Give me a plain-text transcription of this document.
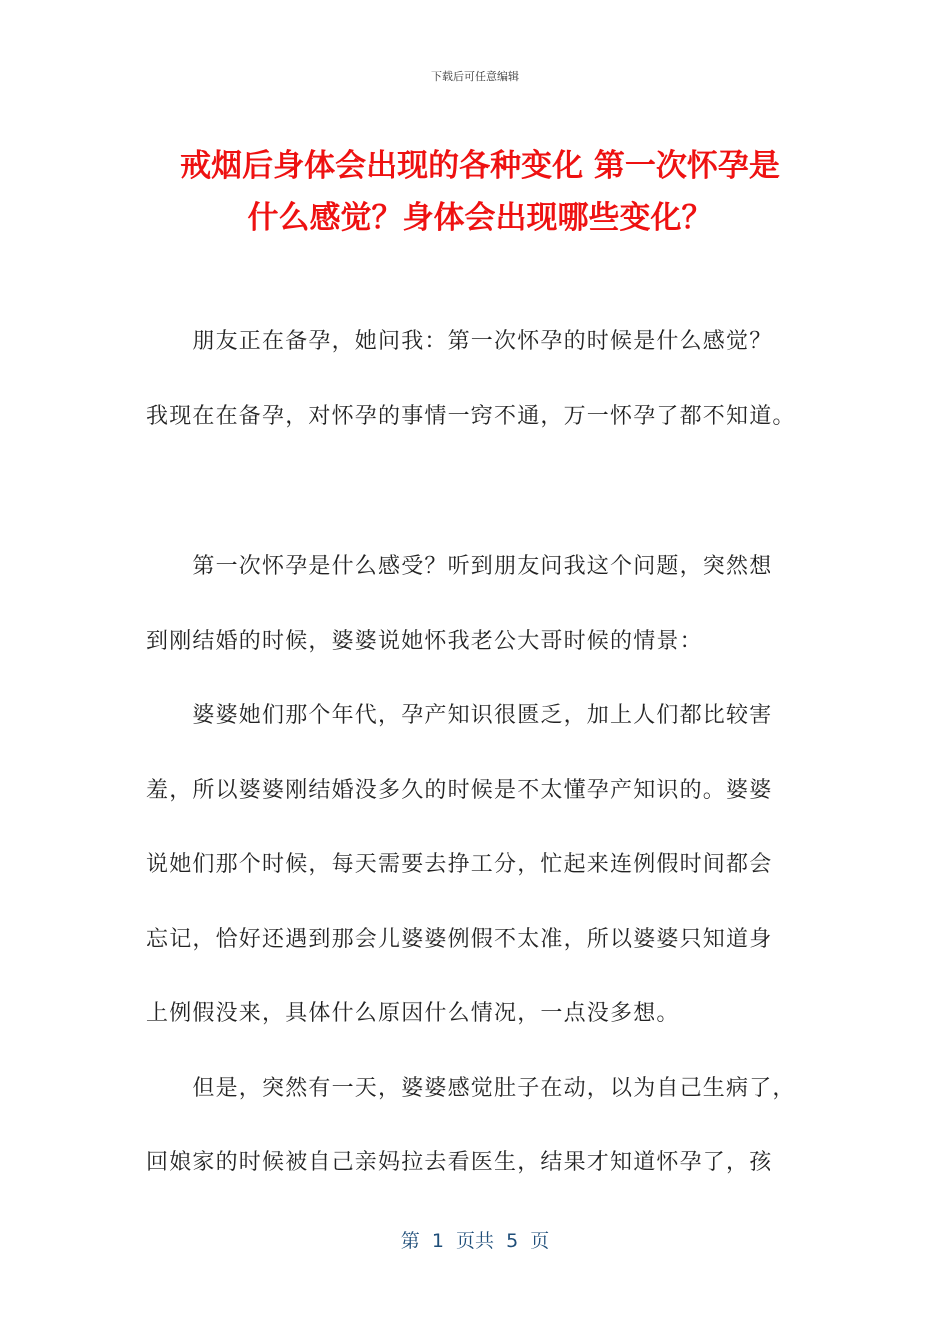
下载后可任意编辑
戒烟后身体会出现的各种变化 第一次怀孕是
什么感觉？身体会出现哪些变化？
　　朋友正在备孕，她问我：第一次怀孕的时候是什么感觉？
我现在在备孕，对怀孕的事情一窍不通，万一怀孕了都不知道。
　　第一次怀孕是什么感受？听到朋友问我这个问题，突然想
到刚结婚的时候，婆婆说她怀我老公大哥时候的情景：
　　婆婆她们那个年代，孕产知识很匮乏，加上人们都比较害
羞，所以婆婆刚结婚没多久的时候是不太懂孕产知识的。婆婆
说她们那个时候，每天需要去挣工分，忙起来连例假时间都会
忘记，恰好还遇到那会儿婆婆例假不太准，所以婆婆只知道身
上例假没来，具体什么原因什么情况，一点没多想。
　　但是，突然有一天，婆婆感觉肚子在动，以为自己生病了，
回娘家的时候被自己亲妈拉去看医生，结果才知道怀孕了，孩
第  1  页共  5  页
